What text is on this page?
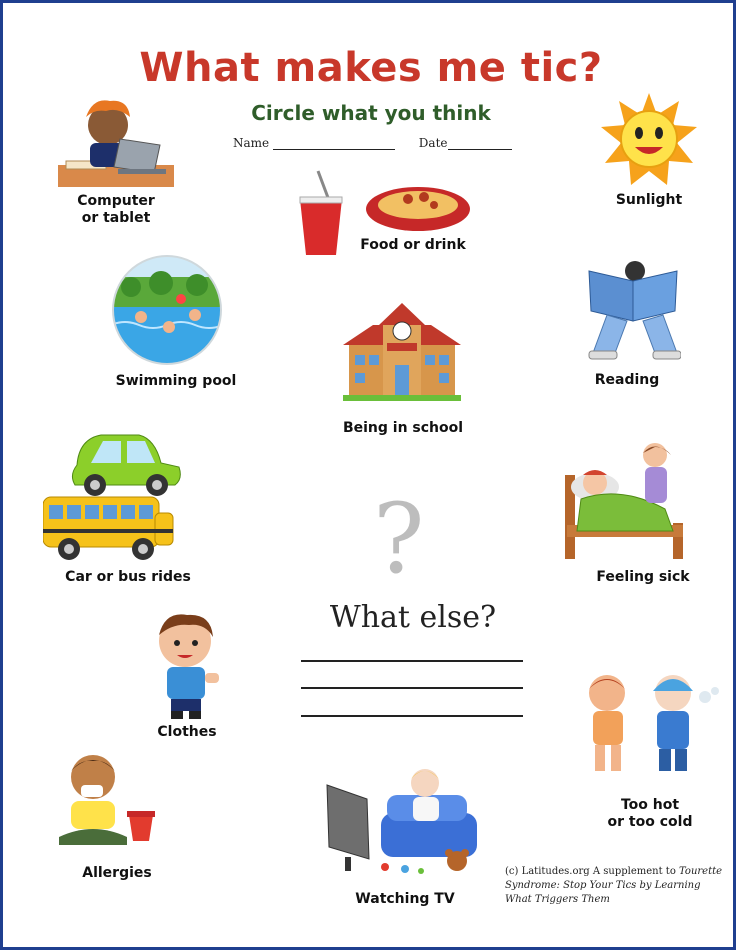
What makes me tic?
Circle what you think
Name	Date
Computer
or tablet
Food or drink
Sunlight
Swimming pool
Being in school
Reading
Car or bus rides	Feeling sick
?
What else?
Clothes
Too hot
or too cold
Allergies
Watching TV
(c) Latitudes.org A supplement to Tourette Syndrome: Stop Your Tics by Learning What Triggers Them
